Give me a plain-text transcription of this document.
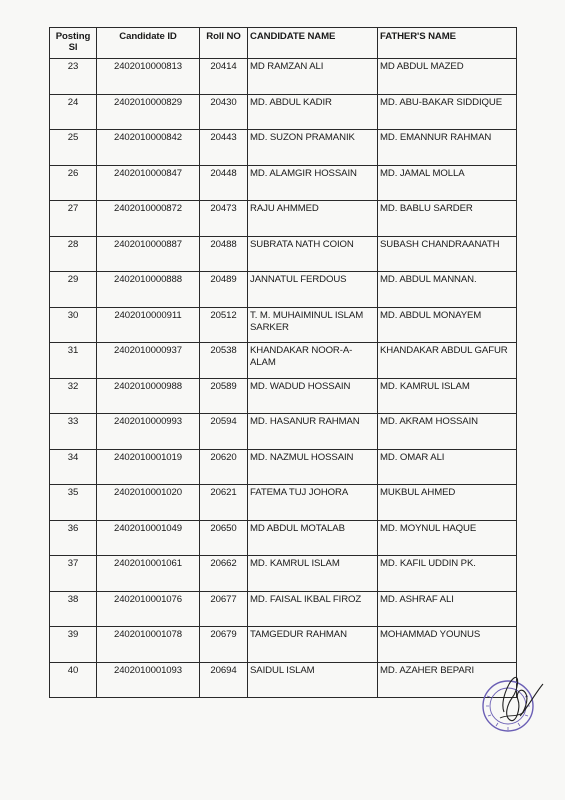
Posting Sl	Candidate ID	Roll NO	CANDIDATE NAME	FATHER'S NAME
23	2402010000813	20414	MD RAMZAN ALI	MD ABDUL MAZED
24	2402010000829	20430	MD. ABDUL KADIR	MD. ABU-BAKAR SIDDIQUE
25	2402010000842	20443	MD. SUZON PRAMANIK	MD. EMANNUR RAHMAN
26	2402010000847	20448	MD. ALAMGIR HOSSAIN	MD. JAMAL MOLLA
27	2402010000872	20473	RAJU AHMMED	MD. BABLU SARDER
28	2402010000887	20488	SUBRATA NATH COION	SUBASH CHANDRAANATH
29	2402010000888	20489	JANNATUL FERDOUS	MD. ABDUL MANNAN.
30	2402010000911	20512	T. M. MUHAIMINUL ISLAM SARKER	MD. ABDUL MONAYEM
31	2402010000937	20538	KHANDAKAR NOOR-A-ALAM	KHANDAKAR ABDUL GAFUR
32	2402010000988	20589	MD. WADUD HOSSAIN	MD. KAMRUL ISLAM
33	2402010000993	20594	MD. HASANUR RAHMAN	MD. AKRAM HOSSAIN
34	2402010001019	20620	MD. NAZMUL HOSSAIN	MD. OMAR ALI
35	2402010001020	20621	FATEMA TUJ JOHORA	MUKBUL AHMED
36	2402010001049	20650	MD ABDUL MOTALAB	MD. MOYNUL HAQUE
37	2402010001061	20662	MD. KAMRUL ISLAM	MD. KAFIL UDDIN PK.
38	2402010001076	20677	MD. FAISAL IKBAL FIROZ	MD. ASHRAF ALI
39	2402010001078	20679	TAMGEDUR RAHMAN	MOHAMMAD YOUNUS
40	2402010001093	20694	SAIDUL ISLAM	MD. AZAHER BEPARI
